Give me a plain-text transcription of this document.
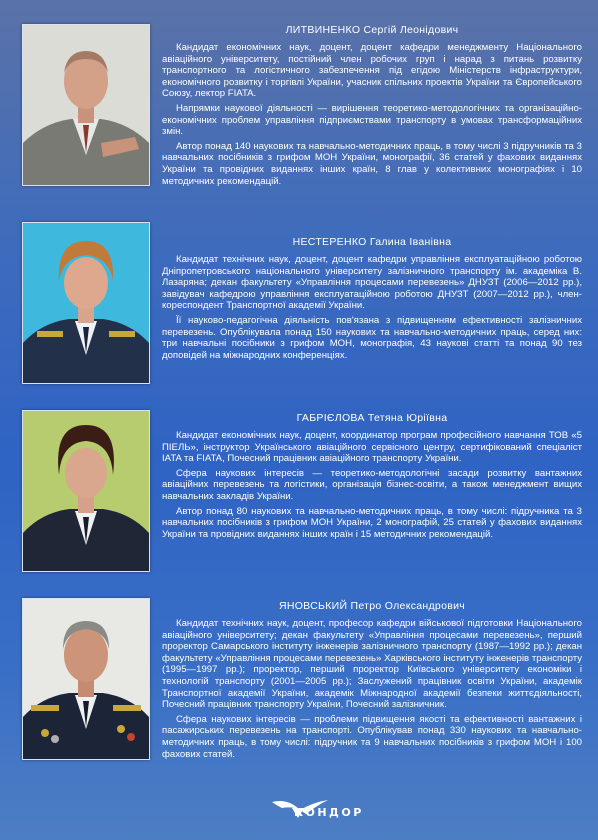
ЛИТВИНЕНКО Сергій Леонідович

Кандидат економічних наук, доцент, доцент кафедри менеджменту Національного авіаційного університету, постійний член робочих груп і нарад з питань розвитку транспортного та логістичного забезпечення під егідою Міністерств інфраструктури, економічного розвитку і торгівлі України, учасник спільних проектів України та Європейського Союзу, лектор FIATA.

Напрямки наукової діяльності — вирішення теоретико-методологічних та організаційно-економічних проблем управління підприємствами транспорту в умовах трансформаційних змін.

Автор понад 140 наукових та навчально-методичних праць, в тому числі 3 підручників та 3 навчальних посібників з грифом МОН України, монографії, 36 статей у фахових виданнях України та провідних виданнях інших країн, 8 глав у колективних монографіях і 10 методичних рекомендацій.

НЕСТЕРЕНКО Галина Іванівна

Кандидат технічних наук, доцент, доцент кафедри управління експлуатаційною роботою Дніпропетровського національного університету залізничного транспорту ім. академіка В. Лазаряна; декан факультету «Управління процесами перевезень» ДНУЗТ (2006—2012 рр.), завідувач кафедрою управління експлуатаційною роботою ДНУЗТ (2007—2012 рр.), член-кореспондент Транспортної академії України.

Її науково-педагогічна діяльність пов'язана з підвищенням ефективності залізничних перевезень. Опублікувала понад 150 наукових та навчально-методичних праць, серед них: три навчальні посібники з грифом МОН, монографія, 43 наукові статті та понад 90 тез доповідей на міжнародних конференціях.

ГАБРІЄЛОВА Тетяна Юріївна

Кандидат економічних наук, доцент, координатор програм професійного навчання ТОВ «5 ПІЕЛЬ», інструктор Українського авіаційного сервісного центру, сертифікований спеціаліст IATA та FIATA, Почесний працівник авіаційного транспорту України.

Сфера наукових інтересів — теоретико-методологічні засади розвитку вантажних авіаційних перевезень та логістики, організація бізнес-освіти, а також менеджмент вищих навчальних закладів України.

Автор понад 80 наукових та навчально-методичних праць, в тому числі: підручника та 3 навчальних посібників з грифом МОН України, 2 монографій, 25 статей у фахових виданнях України та провідних виданнях інших країн і 15 методичних рекомендацій.

ЯНОВСЬКИЙ Петро Олександрович

Кандидат технічних наук, доцент, професор кафедри військової підготовки Національного авіаційного університету; декан факультету «Управління процесами перевезень», перший проректор Самарського інституту інженерів залізничного транспорту (1987—1992 рр.); декан факультету «Управління процесами перевезень» Харківського інституту інженерів транспорту (1995—1997 рр.); проректор, перший проректор Київського університету економіки і технологій транспорту (2001—2005 рр.); Заслужений працівник освіти України, академік Транспортної академії України, академік Міжнародної академії безпеки життєдіяльності, Почесний працівник транспорту України, Почесний залізничник.

Сфера наукових інтересів — проблеми підвищення якості та ефективності вантажних і пасажирських перевезень на транспорті. Опублікував понад 330 наукових та навчально-методичних праць, в тому числі: підручник та 9 навчальних посібників з грифом МОН і 100 фахових статей.

КОНДОР
